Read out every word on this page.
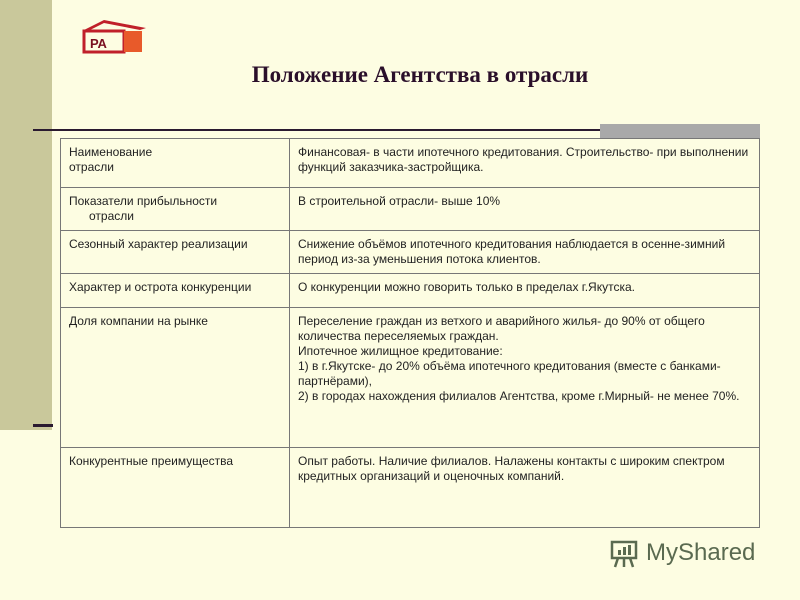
РА
Положение Агентства в отрасли
Наименование
отрасли	Финансовая- в части ипотечного кредитования. Строительство- при выполнении функций заказчика-застройщика.
Показатели прибыльности
отрасли	В строительной отрасли- выше 10%
Сезонный характер реализации	Снижение объёмов ипотечного кредитования наблюдается в осенне-зимний период из-за уменьшения потока клиентов.
Характер и острота конкуренции	О конкуренции можно говорить только в пределах г.Якутска.
Доля компании на рынке	Переселение граждан из ветхого и аварийного жилья- до 90% от общего количества переселяемых граждан.
Ипотечное жилищное кредитование:
1) в г.Якутске- до 20% объёма ипотечного кредитования (вместе с банками-партнёрами),
2) в городах нахождения филиалов Агентства, кроме г.Мирный- не менее 70%.

Конкурентные преимущества	Опыт работы. Наличие филиалов. Налажены контакты с широким спектром кредитных организаций и оценочных компаний.

MyShared
